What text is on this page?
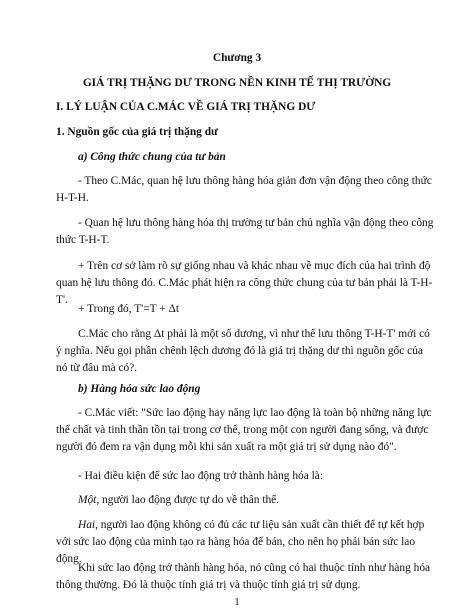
Chương 3

GIÁ TRỊ THẶNG DƯ TRONG NỀN KINH TẾ THỊ TRƯỜNG

I. LÝ LUẬN CỦA C.MÁC VỀ GIÁ TRỊ THẶNG DƯ

1. Nguồn gốc của giá trị thặng dư

a) Công thức chung của tư bản

- Theo C.Mác, quan hệ lưu thông hàng hóa giản đơn vận động theo công thức H-T-H.

- Quan hệ lưu thông hàng hóa thị trường tư bản chủ nghĩa vận động theo công thức T-H-T.

+ Trên cơ sở làm rõ sự giống nhau và khác nhau về mục đích của hai trình độ quan hệ lưu thông đó. C.Mác phát hiện ra công thức chung của tư bản phải là T-H-T'.

+ Trong đó, T'=T + Δt

C.Mác cho rằng Δt phải là một số dương, vì như thế lưu thông T-H-T' mới có ý nghĩa. Nếu gọi phần chênh lệch dương đó là giá trị thặng dư thì nguồn gốc của nó từ đâu mà có?.

b) Hàng hóa sức lao động

- C.Mác viết: "Sức lao động hay năng lực lao động là toàn bộ những năng lực thể chất và tinh thần tồn tại trong cơ thể, trong một con người đang sống, và được người đó đem ra vận dụng mỗi khi sản xuất ra một giá trị sử dụng nào đó".

- Hai điều kiện để sức lao động trở thành hàng hóa là:

Một, người lao động được tự do về thân thể.

Hai, người lao động không có đủ các tư liệu sản xuất cần thiết để tự kết hợp với sức lao động của mình tạo ra hàng hóa để bán, cho nên họ phải bán sức lao động.

Khi sức lao động trở thành hàng hóa, nó cũng có hai thuộc tính như hàng hóa thông thường. Đó là thuộc tính giá trị và thuộc tính giá trị sử dụng.

1
